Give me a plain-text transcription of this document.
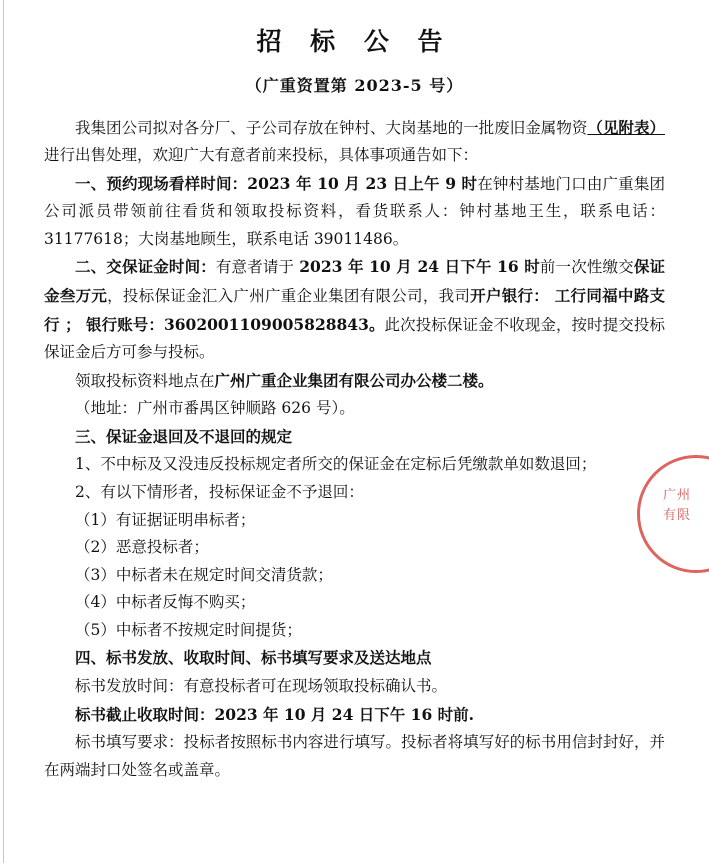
招 标 公 告
（广重资置第 2023-5 号）

我集团公司拟对各分厂、子公司存放在钟村、大岗基地的一批废旧金属物资（见附表）进行出售处理，欢迎广大有意者前来投标，具体事项通告如下：

一、预约现场看样时间：2023 年 10 月 23 日上午 9 时在钟村基地门口由广重集团公司派员带领前往看货和领取投标资料，看货联系人：钟村基地王生，联系电话：31177618；大岗基地顾生，联系电话 39011486。

二、交保证金时间：有意者请于 2023 年 10 月 24 日下午 16 时前一次性缴交保证金叁万元，投标保证金汇入广州广重企业集团有限公司，我司开户银行： 工行同福中路支行 ； 银行账号：3602001109005828843。此次投标保证金不收现金，按时提交投标保证金后方可参与投标。

领取投标资料地点在广州广重企业集团有限公司办公楼二楼。

（地址：广州市番禺区钟顺路 626 号）。

三、保证金退回及不退回的规定

1、不中标及又没违反投标规定者所交的保证金在定标后凭缴款单如数退回；

2、有以下情形者，投标保证金不予退回：

（1）有证据证明串标者；

（2）恶意投标者；

（3）中标者未在规定时间交清货款；

（4）中标者反悔不购买；

（5）中标者不按规定时间提货；

四、标书发放、收取时间、标书填写要求及送达地点

标书发放时间：有意投标者可在现场领取投标确认书。

标书截止收取时间：2023 年 10 月 24 日下午 16 时前.

标书填写要求：投标者按照标书内容进行填写。投标者将填写好的标书用信封封好，并在两端封口处签名或盖章。

广州
有限
